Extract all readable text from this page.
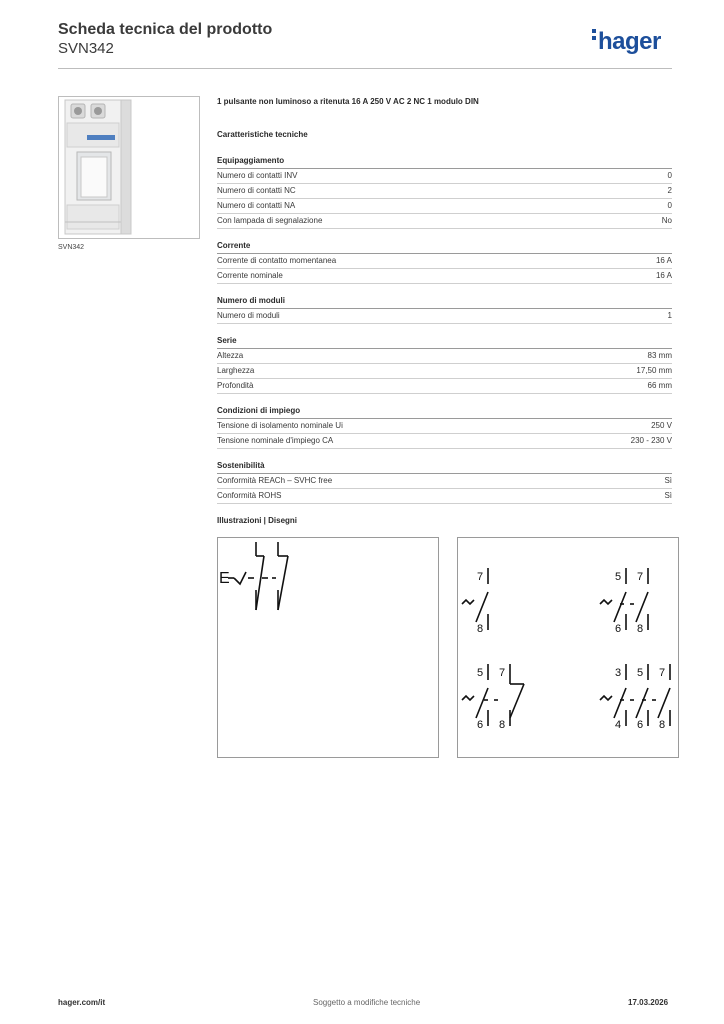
Scheda tecnica del prodotto
SVN342	hager
SVN342
1 pulsante non luminoso a ritenuta 16 A 250 V AC 2 NC 1 modulo DIN
Caratteristiche tecniche
Equipaggiamento
Numero di contatti INV	0
Numero di contatti NC	2
Numero di contatti NA	0
Con lampada di segnalazione	No
Corrente
Corrente di contatto momentanea	16 A
Corrente nominale	16 A
Numero di moduli
Numero di moduli	1
Serie
Altezza	83 mm
Larghezza	17,50 mm
Profondità	66 mm
Condizioni di impiego
Tensione di isolamento nominale Ui	250 V
Tensione nominale d'impiego CA	230 - 230 V
Sostenibilità
Conformità REACh – SVHC free	Sì
Conformità ROHS	Sì
Illustrazioni | Disegni
E	7
8
5 7
6 8
5 7
6 8
3 5 7
4 6 8
hager.com/it	Soggetto a modifiche tecniche	17.03.2026
